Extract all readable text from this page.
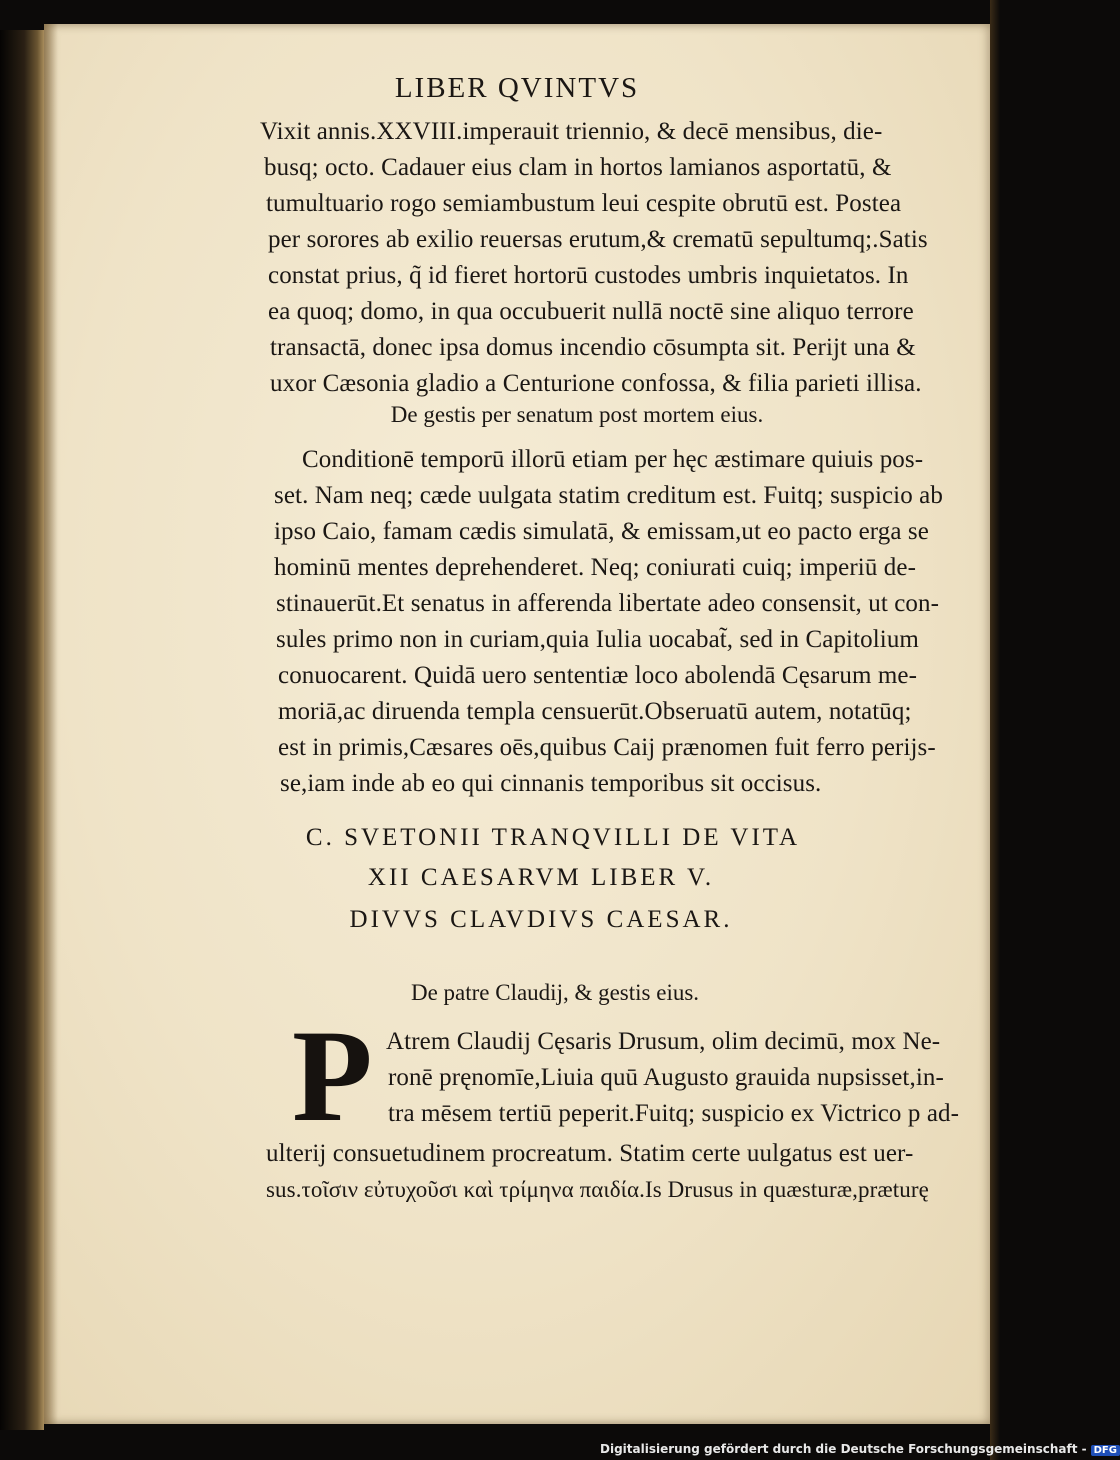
LIBER QVINTVS
Vixit annis.XXVIII.imperauit triennio, & decē mensibus, die-
busq; octo. Cadauer eius clam in hortos lamianos asportatū, &
tumultuario rogo semiambustum leui cespite obrutū est. Postea
per sorores ab exilio reuersas erutum,& crematū sepultumq;.Satis
constat prius, q̃ id fieret hortorū custodes umbris inquietatos. In
ea quoq; domo, in qua occubuerit nullā noctē sine aliquo terrore
transactā, donec ipsa domus incendio cōsumpta sit. Perijt una &
uxor Cæsonia gladio a Centurione confossa, & filia parieti illisa.
De gestis per senatum post mortem eius.
Conditionē temporū illorū etiam per hęc æstimare quiuis pos-
set. Nam neq; cæde uulgata statim creditum est. Fuitq; suspicio ab
ipso Caio, famam cædis simulatā, & emissam,ut eo pacto erga se
hominū mentes deprehenderet. Neq; coniurati cuiq; imperiū de-
stinauerūt.Et senatus in afferenda libertate adeo consensit, ut con-
sules primo non in curiam,quia Iulia uocabat̃, sed in Capitolium
conuocarent. Quidā uero sententiæ loco abolendā Cęsarum me-
moriā,ac diruenda templa censuerūt.Obseruatū autem, notatūq;
est in primis,Cæsares oēs,quibus Caij prænomen fuit ferro perijs-
se,iam inde ab eo qui cinnanis temporibus sit occisus.
C. SVETONII TRANQVILLI DE VITA
XII CAESARVM LIBER V.
DIVVS CLAVDIVS CAESAR.
De patre Claudij, & gestis eius.
P Atrem Claudij Cęsaris Drusum, olim decimū, mox Ne-
ronē pręnomīe,Liuia quū Augusto grauida nupsisset,in-
tra mēsem tertiū peperit.Fuitq; suspicio ex Victrico p ad-
ulterij consuetudinem procreatum. Statim certe uulgatus est uer-
sus.τοῖσιν εὐτυχοῦσι καὶ τρίμηνα παιδία.Is Drusus in quæsturæ,præturę
Digitalisierung gefördert durch die Deutsche Forschungsgemeinschaft - DFG
